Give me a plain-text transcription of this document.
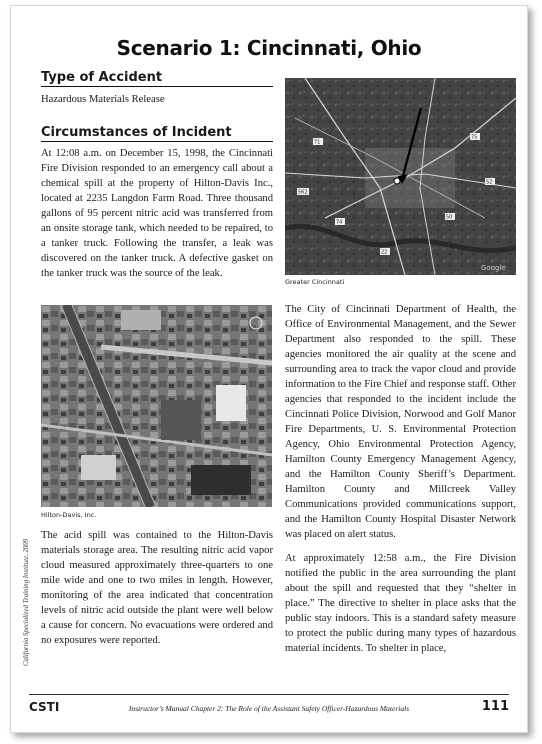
Scenario 1: Cincinnati, Ohio
Type of Accident
Hazardous Materials Release
Circumstances of Incident
At 12:08 a.m. on December 15, 1998, the Cincinnati Fire Division responded to an emergency call about a chemical spill at the property of Hilton-Davis Inc., located at 2235 Langdon Farm Road. Three thousand gallons of 95 percent nitric acid was transferred from an onsite storage tank, which needed to be repaired, to a tanker truck. Following the transfer, a leak was discovered on the tanker truck. A defective gasket on the tanker truck was the source of the leak.
71
75
74
50
52
22
562
Google
Greater Cincinnati
Hilton-Davis, Inc.
California Specialized Training Institute, 2009
The acid spill was contained to the Hilton-Davis materials storage area. The resulting nitric acid vapor cloud measured approximately three-quarters to one mile wide and one to two miles in length. However, monitoring of the area indicated that concentration levels of nitric acid outside the plant were well below a cause for concern. No evacuations were ordered and no exposures were reported.
The City of Cincinnati Department of Health, the Office of Environmental Management, and the Sewer Department also responded to the spill. These agencies monitored the air quality at the scene and surrounding area to track the vapor cloud and provide information to the Fire Chief and response staff. Other agencies that responded to the incident include the Cincinnati Police Division, Norwood and Golf Manor Fire Departments, U. S. Environmental Protection Agency, Ohio Environmental Protection Agency, Hamilton County Emergency Management Agency, and the Hamilton County Sheriff’s Department. Hamilton County and Millcreek Valley Communications provided communications support, and the Hamilton County Hospital Disaster Network was placed on alert status.
At approximately 12:58 a.m., the Fire Division notified the public in the area surrounding the plant about the spill and requested that they “shelter in place.” The directive to shelter in place asks that the public stay indoors. This is a standard safety measure to protect the public during many types of hazardous material incidents. To shelter in place,
CSTI	Instructor’s Manual Chapter 2: The Role of the Assistant Safety Officer-Hazardous Materials	111
